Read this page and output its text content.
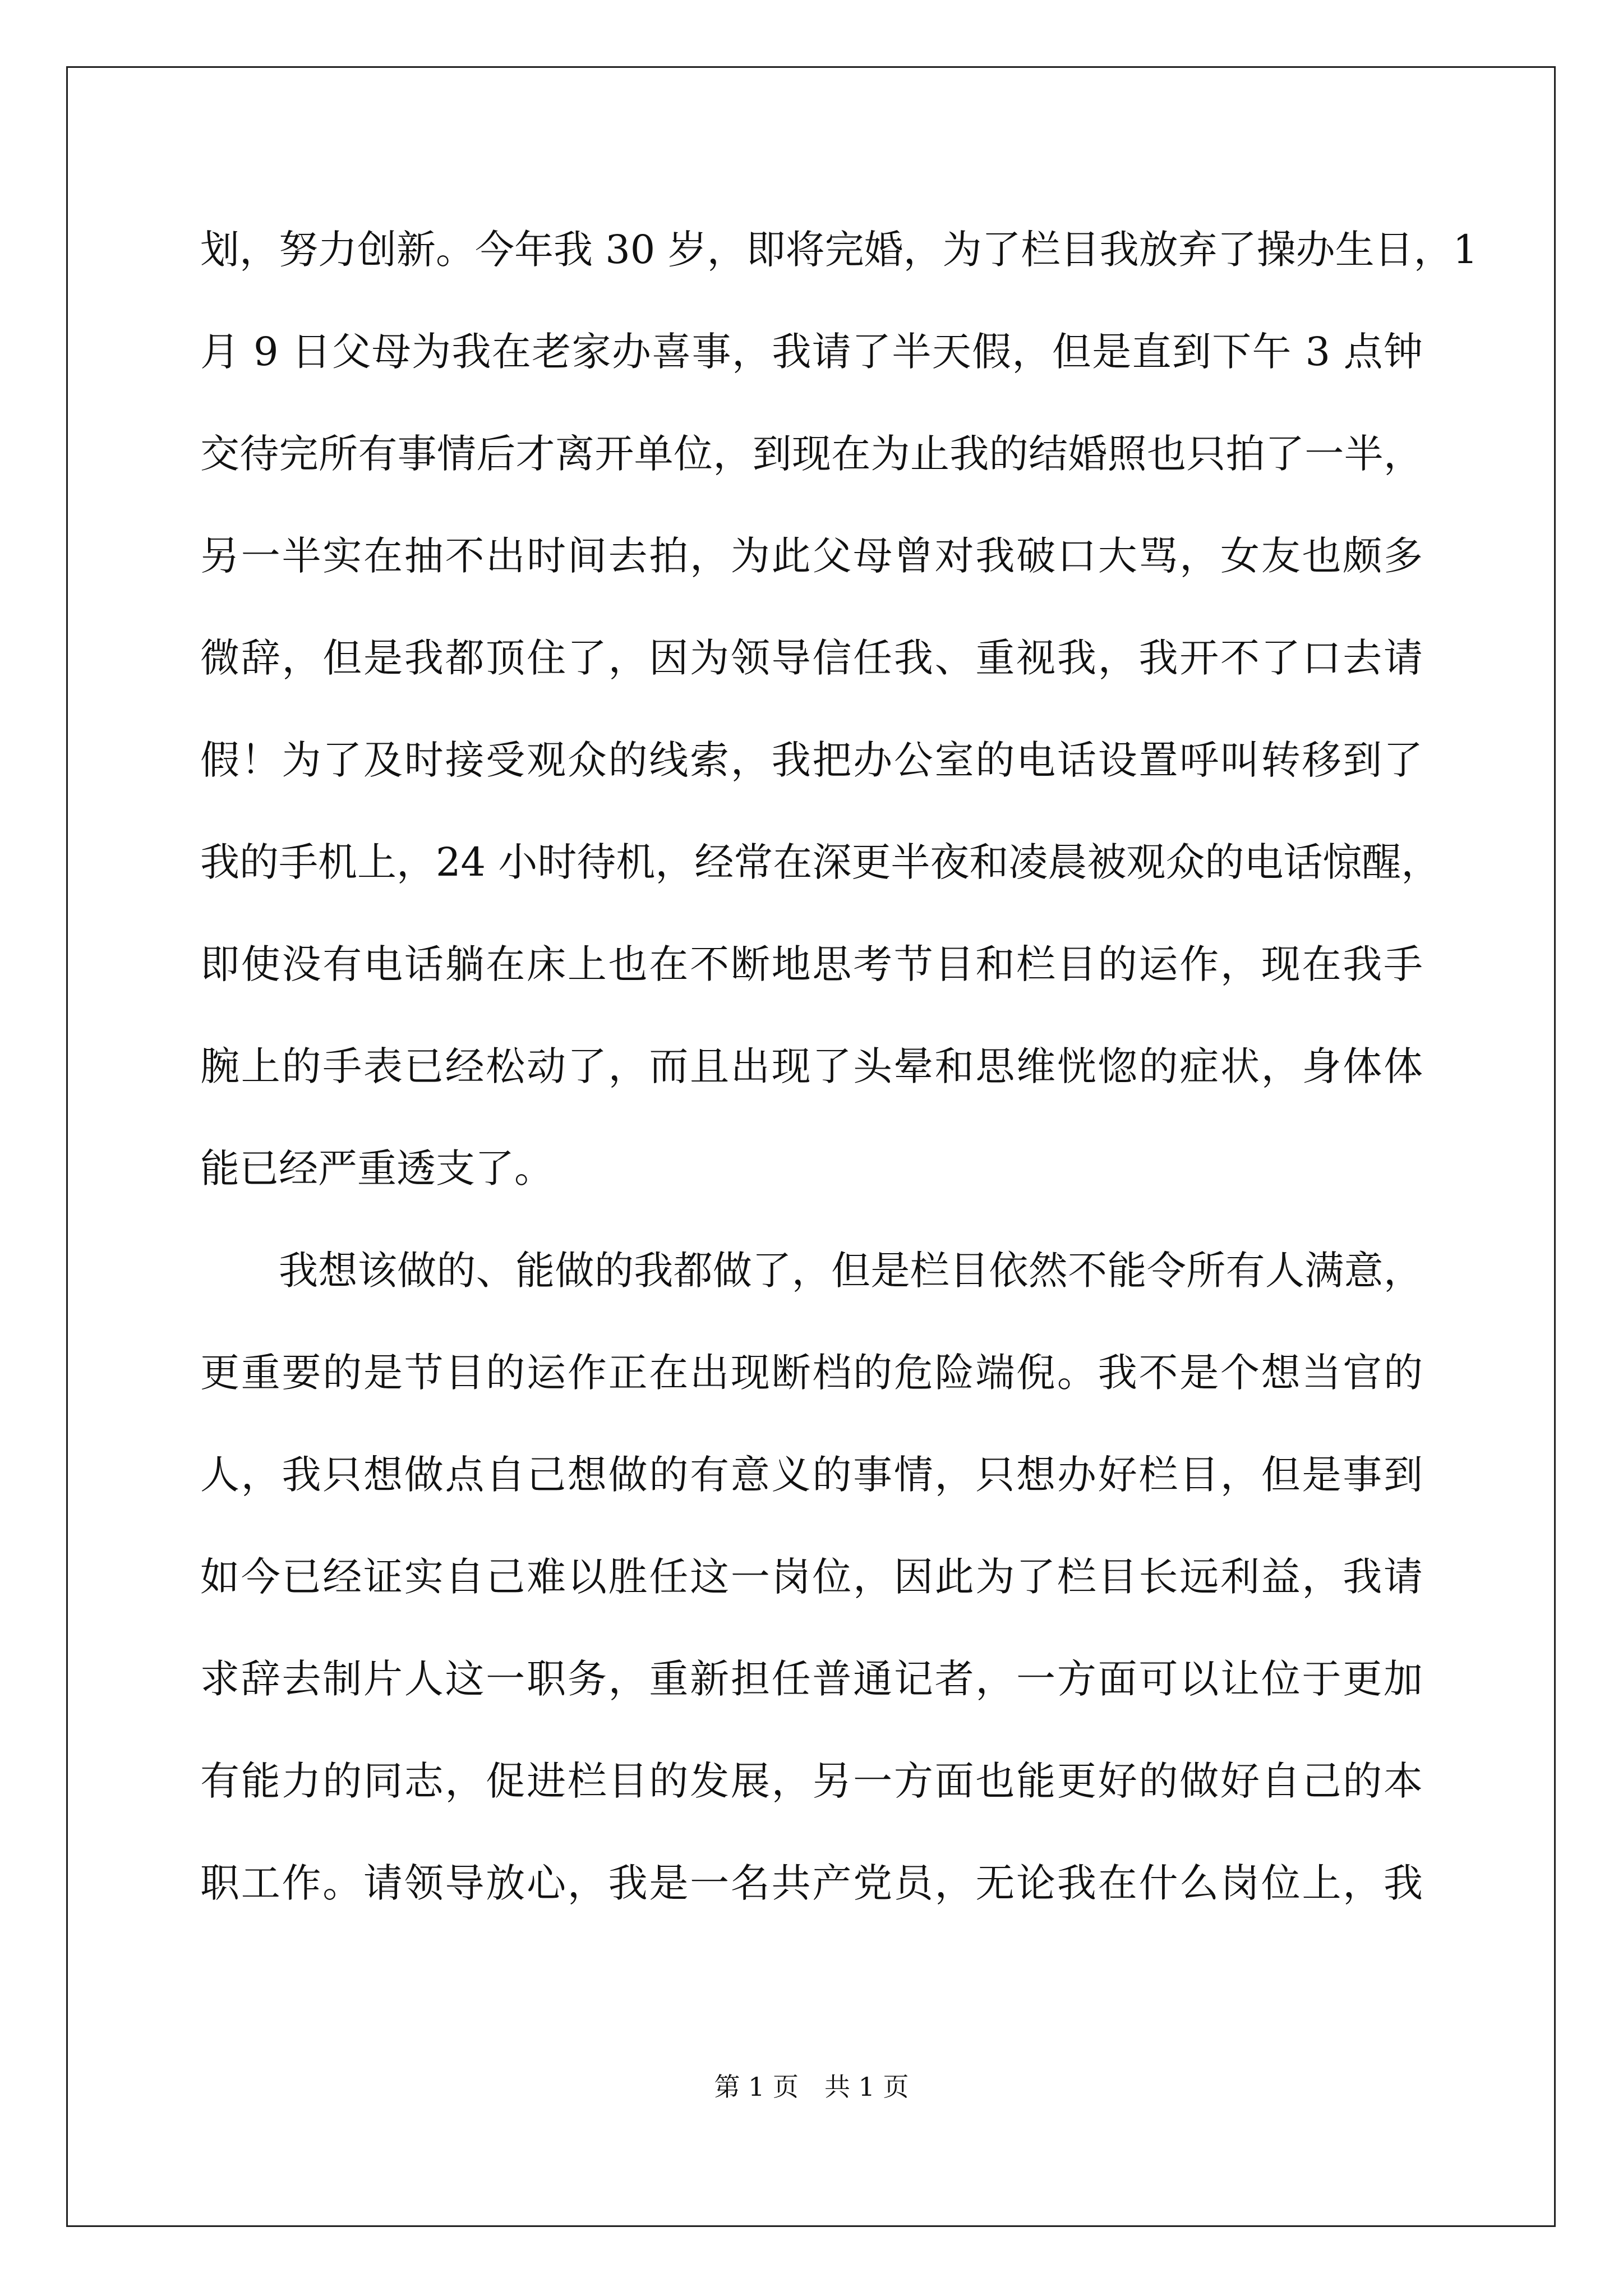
划，努力创新。今年我 30 岁，即将完婚，为了栏目我放弃了操办生日，1
月 9 日父母为我在老家办喜事，我请了半天假，但是直到下午 3 点钟
交待完所有事情后才离开单位，到现在为止我的结婚照也只拍了一半，
另一半实在抽不出时间去拍，为此父母曾对我破口大骂，女友也颇多
微辞，但是我都顶住了，因为领导信任我、重视我，我开不了口去请
假！为了及时接受观众的线索，我把办公室的电话设置呼叫转移到了
我的手机上，24 小时待机，经常在深更半夜和凌晨被观众的电话惊醒，
即使没有电话躺在床上也在不断地思考节目和栏目的运作，现在我手
腕上的手表已经松动了，而且出现了头晕和思维恍惚的症状，身体体
能已经严重透支了。
我想该做的、能做的我都做了，但是栏目依然不能令所有人满意，
更重要的是节目的运作正在出现断档的危险端倪。我不是个想当官的
人，我只想做点自己想做的有意义的事情，只想办好栏目，但是事到
如今已经证实自己难以胜任这一岗位，因此为了栏目长远利益，我请
求辞去制片人这一职务，重新担任普通记者，一方面可以让位于更加
有能力的同志，促进栏目的发展，另一方面也能更好的做好自己的本
职工作。请领导放心，我是一名共产党员，无论我在什么岗位上，我
第 1 页 共 1 页
